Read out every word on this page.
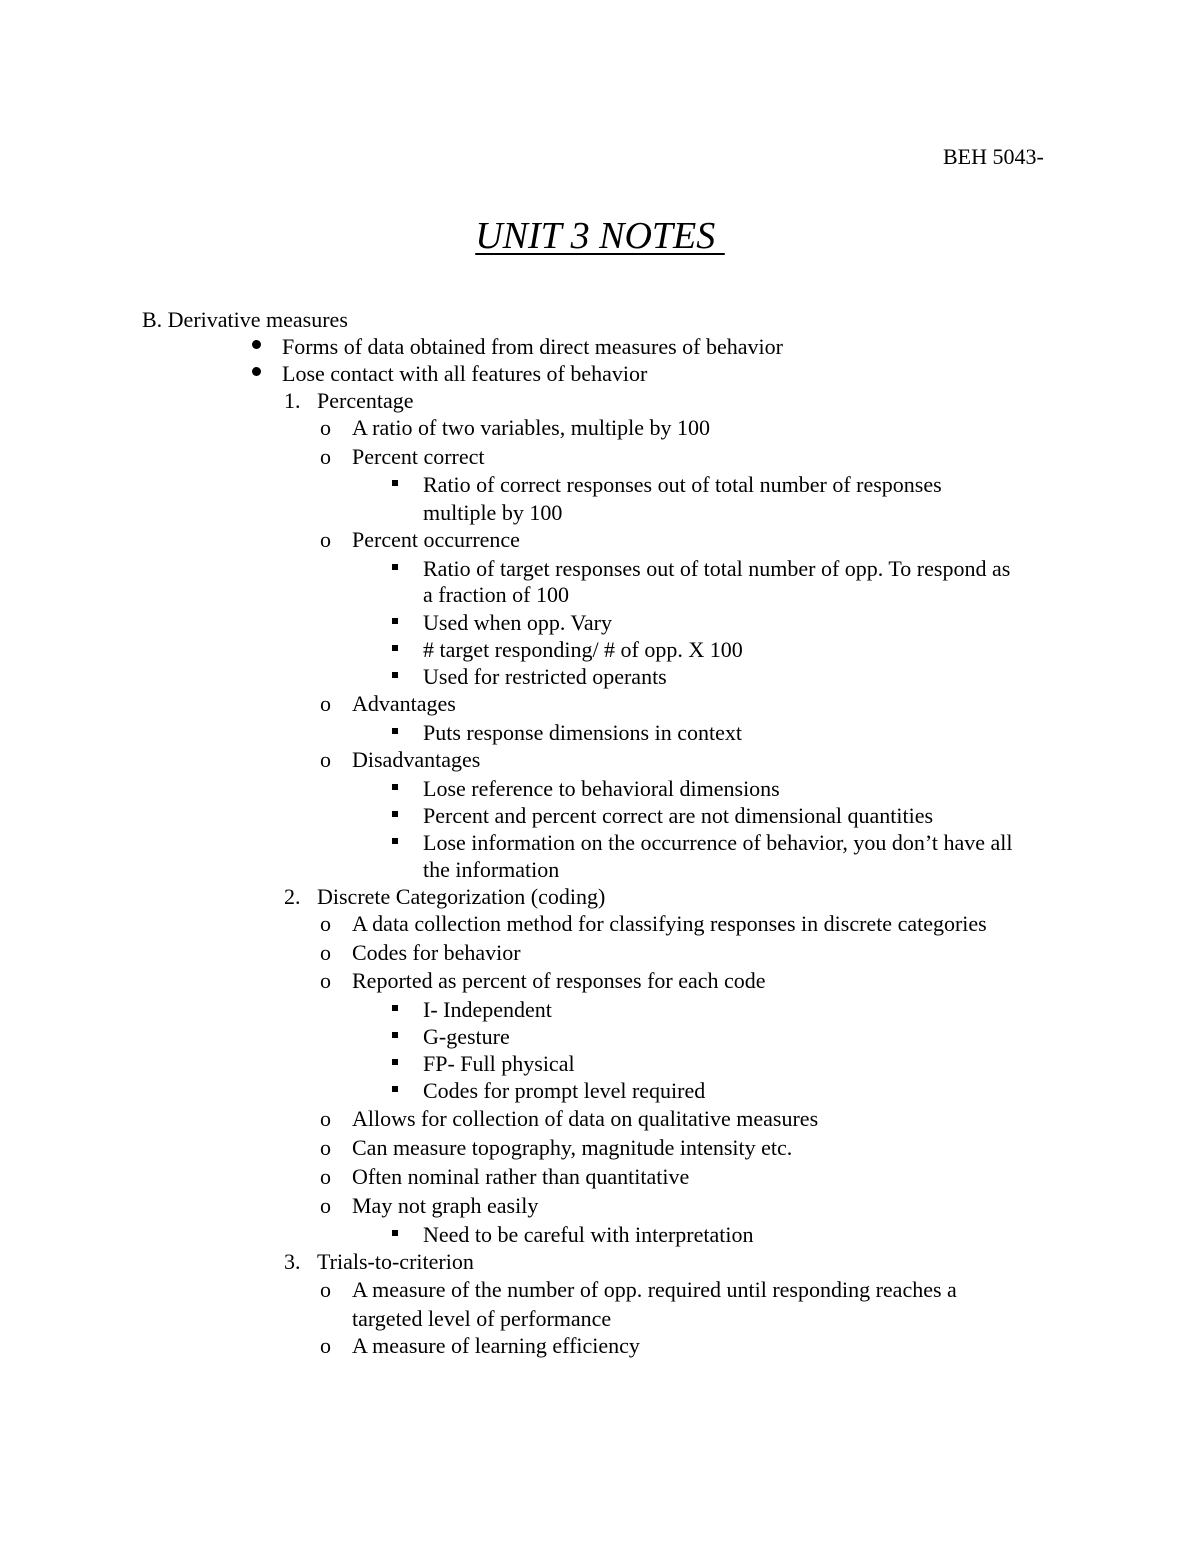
BEH 5043-
UNIT 3 NOTES
B. Derivative measures
Forms of data obtained from direct measures of behavior
Lose contact with all features of behavior
1. Percentage
o A ratio of two variables, multiple by 100
o Percent correct
Ratio of correct responses out of total number of responses
multiple by 100
o Percent occurrence
Ratio of target responses out of total number of opp. To respond as
a fraction of 100
Used when opp. Vary
# target responding/ # of opp. X 100
Used for restricted operants
o Advantages
Puts response dimensions in context
o Disadvantages
Lose reference to behavioral dimensions
Percent and percent correct are not dimensional quantities
Lose information on the occurrence of behavior, you don’t have all
the information
2. Discrete Categorization (coding)
o A data collection method for classifying responses in discrete categories
o Codes for behavior
o Reported as percent of responses for each code
I- Independent
G-gesture
FP- Full physical
Codes for prompt level required
o Allows for collection of data on qualitative measures
o Can measure topography, magnitude intensity etc.
o Often nominal rather than quantitative
o May not graph easily
Need to be careful with interpretation
3. Trials-to-criterion
o A measure of the number of opp. required until responding reaches a
targeted level of performance
o A measure of learning efficiency
